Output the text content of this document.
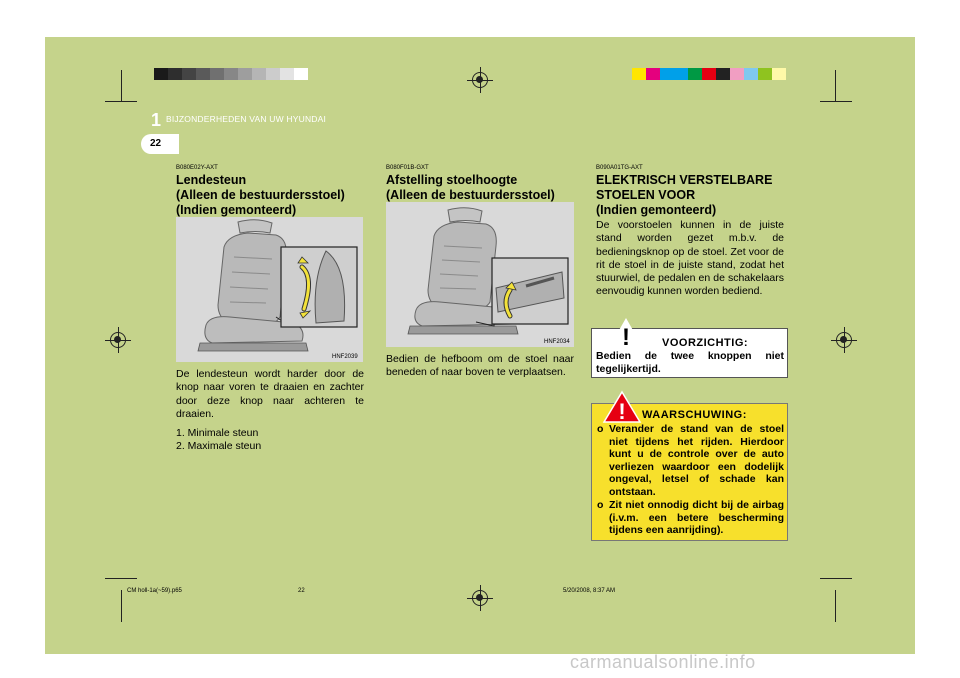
1 BIJZONDERHEDEN VAN UW HYUNDAI
22
B080E02Y-AXT
Lendesteun
(Alleen de bestuurdersstoel)
(Indien gemonteerd)
HNF2039
De lendesteun wordt harder door de knop naar voren te draaien en zachter door deze knop naar achteren te draaien.
1. Minimale steun
2. Maximale steun
B080F01B-GXT
Afstelling stoelhoogte
(Alleen de bestuurdersstoel)
HNF2034
Bedien de hefboom om de stoel naar beneden of naar boven te verplaatsen.
B090A01TG-AXT
ELEKTRISCH VERSTELBARE
STOELEN VOOR
(Indien gemonteerd)
De voorstoelen kunnen in de juiste stand worden gezet m.b.v. de bedieningsknop op de stoel. Zet voor de rit de stoel in de juiste stand, zodat het stuurwiel, de pedalen en de schakelaars eenvoudig kunnen worden bediend.
!	VOORZICHTIG:
Bedien de twee knoppen niet tegelijkertijd.
! WAARSCHUWING:
o Verander de stand van de stoel niet tijdens het rijden. Hierdoor kunt u de controle over de auto verliezen waardoor een dodelijk ongeval, letsel of schade kan ontstaan.
o Zit niet onnodig dicht bij de airbag (i.v.m. een betere bescherming tijdens een aanrijding).
CM holl-1a(~59).p65	22	5/20/2008, 8:37 AM
carmanualsonline.info
